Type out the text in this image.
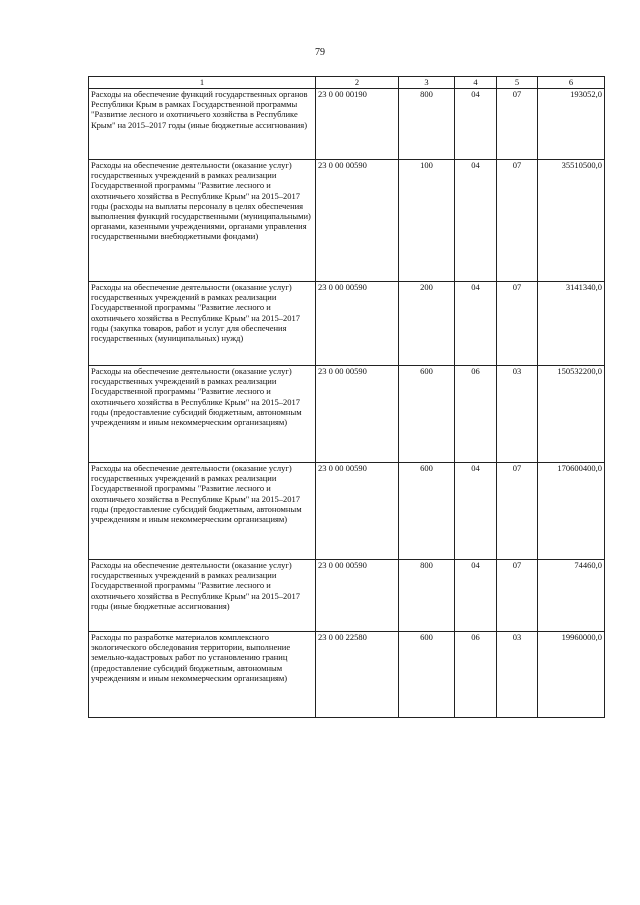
79
1	2	3	4	5	6
Расходы на обеспечение функций государственных органов Республики Крым в рамках Государственной программы "Развитие лесного и охотничьего хозяйства в Республике Крым" на 2015–2017 годы (иные бюджетные ассигнования)	23 0 00 00190	800	04	07	193052,0
Расходы на обеспечение деятельности (оказание услуг) государственных учреждений в рамках реализации Государственной программы "Развитие лесного и охотничьего хозяйства в Республике Крым" на 2015–2017 годы (расходы на выплаты персоналу в целях обеспечения выполнения функций государственными (муниципальными) органами, казенными учреждениями, органами управления государственными внебюджетными фондами)	23 0 00 00590	100	04	07	35510500,0
Расходы на обеспечение деятельности (оказание услуг) государственных учреждений в рамках реализации Государственной программы "Развитие лесного и охотничьего хозяйства в Республике Крым" на 2015–2017 годы (закупка товаров, работ и услуг для обеспечения государственных (муниципальных) нужд)	23 0 00 00590	200	04	07	3141340,0
Расходы на обеспечение деятельности (оказание услуг) государственных учреждений в рамках реализации Государственной программы "Развитие лесного и охотничьего хозяйства в Республике Крым" на 2015–2017 годы (предоставление субсидий бюджетным, автономным учреждениям и иным некоммерческим организациям)	23 0 00 00590	600	06	03	150532200,0
Расходы на обеспечение деятельности (оказание услуг) государственных учреждений в рамках реализации Государственной программы "Развитие лесного и охотничьего хозяйства в Республике Крым" на 2015–2017 годы (предоставление субсидий бюджетным, автономным учреждениям и иным некоммерческим организациям)	23 0 00 00590	600	04	07	170600400,0
Расходы на обеспечение деятельности (оказание услуг) государственных учреждений в рамках реализации Государственной программы "Развитие лесного и охотничьего хозяйства в Республике Крым" на 2015–2017 годы (иные бюджетные ассигнования)	23 0 00 00590	800	04	07	74460,0
Расходы по разработке материалов комплексного экологического обследования территории, выполнение земельно-кадастровых работ по установлению границ (предоставление субсидий бюджетным, автономным учреждениям и иным некоммерческим организациям)	23 0 00 22580	600	06	03	19960000,0
